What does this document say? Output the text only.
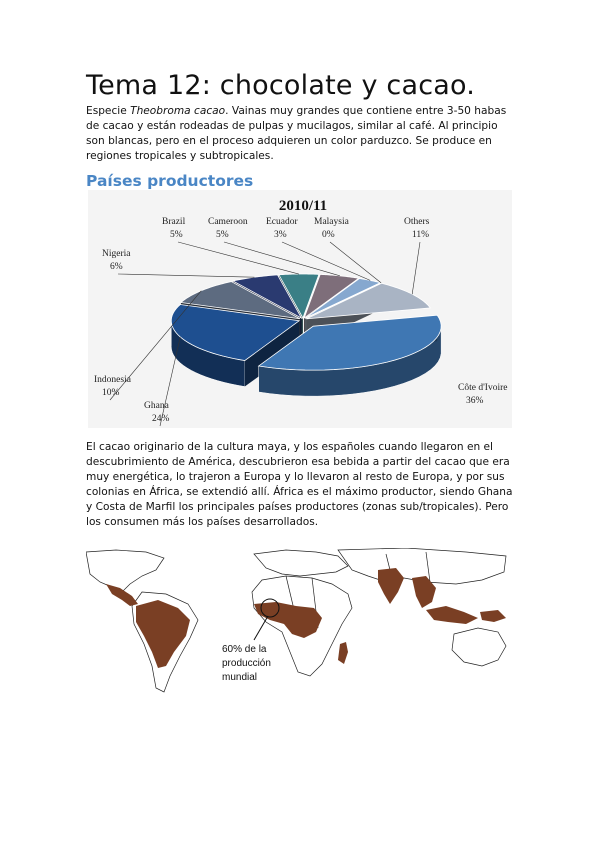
Tema 12: chocolate y cacao.

Especie Theobroma cacao. Vainas muy grandes que contiene entre 3-50 habas de cacao y están rodeadas de pulpas y mucilagos, similar al café. Al principio son blancas, pero en el proceso adquieren un color parduzco. Se produce en regiones tropicales y subtropicales.

Países productores
2010/11
Côte d'Ivoire
36%
Ghana
24%
Indonesia
10%
Nigeria
6%
Brazil
5%
Cameroon
5%
Ecuador
3%
Malaysia
0%
Others
11%

El cacao originario de la cultura maya, y los españoles cuando llegaron en el descubrimiento de América, descubrieron esa bebida a partir del cacao que era muy energética, lo trajeron a Europa y lo llevaron al resto de Europa, y por sus colonias en África, se extendió allí. África es el máximo productor, siendo Ghana y Costa de Marfil los principales países productores (zonas sub/tropicales). Pero los consumen más los países desarrollados.

60% de la
producción
mundial
